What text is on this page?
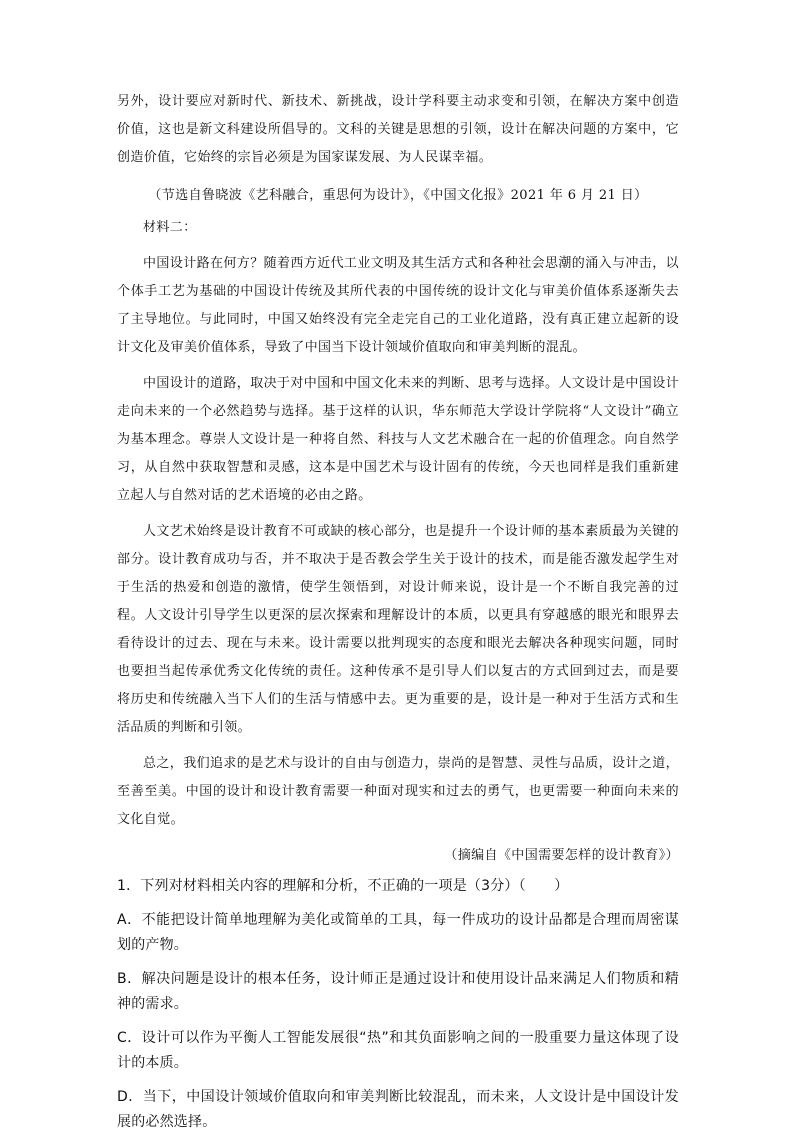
另外，设计要应对新时代、新技术、新挑战，设计学科要主动求变和引领，在解决方案中创造价值，这也是新文科建设所倡导的。文科的关键是思想的引领，设计在解决问题的方案中，它创造价值，它始终的宗旨必须是为国家谋发展、为人民谋幸福。

（节选自鲁晓波《艺科融合，重思何为设计》，《中国文化报》2021 年 6 月 21 日）

材料二：

中国设计路在何方？随着西方近代工业文明及其生活方式和各种社会思潮的涌入与冲击，以个体手工艺为基础的中国设计传统及其所代表的中国传统的设计文化与审美价值体系逐渐失去了主导地位。与此同时，中国又始终没有完全走完自己的工业化道路，没有真正建立起新的设计文化及审美价值体系，导致了中国当下设计领域价值取向和审美判断的混乱。

中国设计的道路，取决于对中国和中国文化未来的判断、思考与选择。人文设计是中国设计走向未来的一个必然趋势与选择。基于这样的认识，华东师范大学设计学院将“人文设计”确立为基本理念。尊崇人文设计是一种将自然、科技与人文艺术融合在一起的价值理念。向自然学习，从自然中获取智慧和灵感，这本是中国艺术与设计固有的传统，今天也同样是我们重新建立起人与自然对话的艺术语境的必由之路。

人文艺术始终是设计教育不可或缺的核心部分，也是提升一个设计师的基本素质最为关键的部分。设计教育成功与否，并不取决于是否教会学生关于设计的技术，而是能否激发起学生对于生活的热爱和创造的激情，使学生领悟到，对设计师来说，设计是一个不断自我完善的过程。人文设计引导学生以更深的层次探索和理解设计的本质，以更具有穿越感的眼光和眼界去看待设计的过去、现在与未来。设计需要以批判现实的态度和眼光去解决各种现实问题，同时也要担当起传承优秀文化传统的责任。这种传承不是引导人们以复古的方式回到过去，而是要将历史和传统融入当下人们的生活与情感中去。更为重要的是，设计是一种对于生活方式和生活品质的判断和引领。

总之，我们追求的是艺术与设计的自由与创造力，崇尚的是智慧、灵性与品质，设计之道，至善至美。中国的设计和设计教育需要一种面对现实和过去的勇气，也更需要一种面向未来的文化自觉。

（摘编自《中国需要怎样的设计教育》）

1．下列对材料相关内容的理解和分析，不正确的一项是（3分）（　　）

A．不能把设计简单地理解为美化或简单的工具，每一件成功的设计品都是合理而周密谋划的产物。

B．解决问题是设计的根本任务，设计师正是通过设计和使用设计品来满足人们物质和精神的需求。

C．设计可以作为平衡人工智能发展很“热”和其负面影响之间的一股重要力量这体现了设计的本质。

D．当下，中国设计领域价值取向和审美判断比较混乱，而未来，人文设计是中国设计发展的必然选择。
